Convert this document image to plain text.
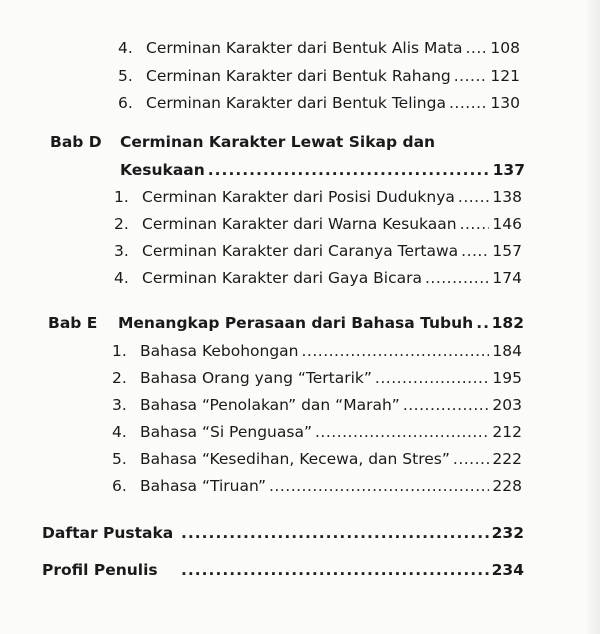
4. Cerminan Karakter dari Bentuk Alis Mata ..... 108
5. Cerminan Karakter dari Bentuk Rahang .....	121
6. Cerminan Karakter dari Bentuk Telinga .....	130
Bab D	Cerminan Karakter Lewat Sikap dan
Kesukaan .....	137
1. Cerminan Karakter dari Posisi Duduknya ..... 138
2. Cerminan Karakter dari Warna Kesukaan ..... 146
3. Cerminan Karakter dari Caranya Tertawa ..... 157
4. Cerminan Karakter dari Gaya Bicara .....	174
Bab E	Menangkap Perasaan dari Bahasa Tubuh ..... 182
1. Bahasa Kebohongan .....	184
2. Bahasa Orang yang “Tertarik” .....	195
3. Bahasa “Penolakan” dan “Marah” .....	203
4. Bahasa “Si Penguasa” .....	212
5. Bahasa “Kesedihan, Kecewa, dan Stres” .....	222
6. Bahasa “Tiruan” .....	228
Daftar Pustaka .....	232
Profil Penulis .....	234
